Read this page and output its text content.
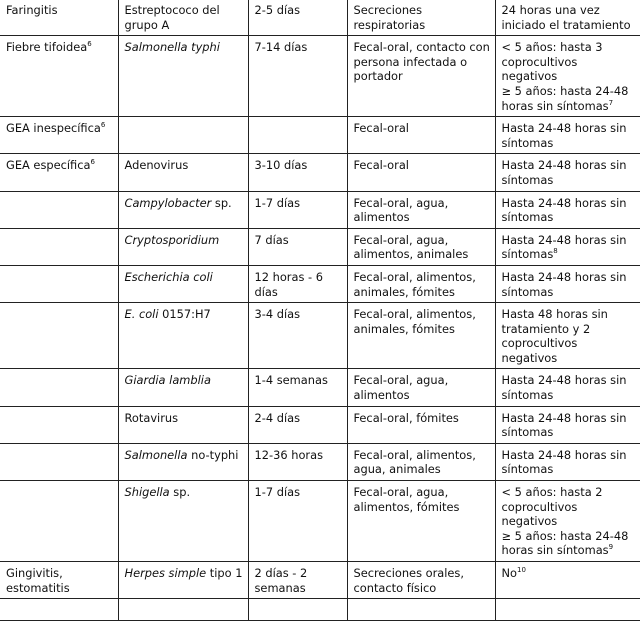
Faringitis	Estreptococo del grupo A	2-5 días	Secreciones respiratorias	24 horas una vez iniciado el tratamiento

Fiebre tifoidea$^6$	Salmonella typhi	7-14 días	Fecal-oral, contacto con persona infectada o portador	< 5 años: hasta 3 coprocultivos negativos
≥ 5 años: hasta 24-48 horas sin síntomas$^7$

GEA inespecífica$^6$			Fecal-oral	Hasta 24-48 horas sin síntomas

GEA específica$^6$	Adenovirus	3-10 días	Fecal-oral	Hasta 24-48 horas sin síntomas

	Campylobacter sp.	1-7 días	Fecal-oral, agua, alimentos	Hasta 24-48 horas sin síntomas

	Cryptosporidium	7 días	Fecal-oral, agua, alimentos, animales	Hasta 24-48 horas sin síntomas$^8$

	Escherichia coli	12 horas - 6 días	Fecal-oral, alimentos, animales, fómites	Hasta 24-48 horas sin síntomas

	E. coli 0157:H7	3-4 días	Fecal-oral, alimentos, animales, fómites	Hasta 48 horas sin tratamiento y 2 coprocultivos negativos

	Giardia lamblia	1-4 semanas	Fecal-oral, agua, alimentos	Hasta 24-48 horas sin síntomas

	Rotavirus	2-4 días	Fecal-oral, fómites	Hasta 24-48 horas sin síntomas

	Salmonella no-typhi	12-36 horas	Fecal-oral, alimentos, agua, animales	Hasta 24-48 horas sin síntomas

	Shigella sp.	1-7 días	Fecal-oral, agua, alimentos, fómites	< 5 años: hasta 2 coprocultivos negativos
≥ 5 años: hasta 24-48 horas sin síntomas$^9$

Gingivitis, estomatitis	Herpes simple tipo 1	2 días - 2 semanas	Secreciones orales, contacto físico	No$^{10}$
